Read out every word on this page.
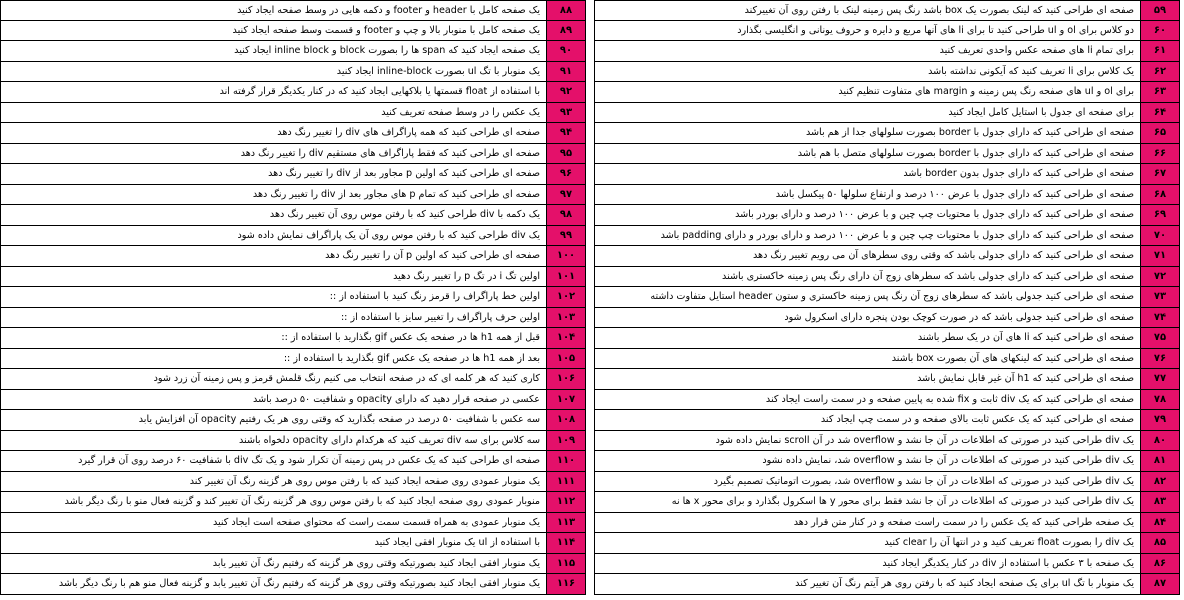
صفحه ای طراحی کنید که لینک بصورت یک box باشد رنگ پس زمینه لینک با رفتن روی آن تغییرکند	۵۹
دو کلاس برای ol و ul طراحی کنید تا برای li های آنها مربع و دایره و حروف یونانی و انگلیسی بگذارد	۶۰
برای تمام li های صفحه عکس واحدی تعریف کنید	۶۱
یک کلاس برای li تعریف کنید که آیکونی نداشته باشد	۶۲
برای ol و ul های صفحه رنگ پس زمینه و margin های متفاوت تنظیم کنید	۶۳
برای صفحه ای جدول با استایل کامل ایجاد کنید	۶۴
صفحه ای طراحی کنید که دارای جدول با border بصورت سلولهای جدا از هم باشد	۶۵
صفحه ای طراحی کنید که دارای جدول با border بصورت سلولهای متصل با هم باشد	۶۶
صفحه ای طراحی کنید که دارای جدول بدون border باشد	۶۷
صفحه ای طراحی کنید که دارای جدول با عرض ۱۰۰ درصد و ارتفاع سلولها ۵۰ پیکسل باشد	۶۸
صفحه ای طراحی کنید که دارای جدول با محتویات چپ چین و با عرض ۱۰۰ درصد و دارای بوردر باشد	۶۹
صفحه ای طراحی کنید که دارای جدول با محتویات چپ چین و با عرض ۱۰۰ درصد و دارای بوردر و دارای padding باشد	۷۰
صفحه ای طراحی کنید که دارای جدولی باشد که وقتی روی سطرهای آن می رویم تغییر رنگ دهد	۷۱
صفحه ای طراحی کنید که دارای جدولی باشد که سطرهای زوج آن دارای رنگ پس زمینه خاکستری باشند	۷۲
صفحه ای طراحی کنید جدولی باشد که سطرهای زوج آن رنگ پس زمینه خاکستری و ستون header استایل متفاوت داشته	۷۳
صفحه ای طراحی کنید جدولی باشد که در صورت کوچک بودن پنجره دارای اسکرول شود	۷۴
صفحه ای طراحی کنید که li های آن در یک سطر باشند	۷۵
صفحه ای طراحی کنید که لینکهای های آن بصورت box باشند	۷۶
صفحه ای طراحی کنید که h1 آن غیر قابل نمایش باشد	۷۷
صفحه ای طراحی کنید که یک div ثابت و fix شده به پایین صفحه و در سمت راست ایجاد کند	۷۸
صفحه ای طراحی کنید که یک عکس ثابت بالای صفحه و در سمت چپ ایجاد کند	۷۹
یک div طراحی کنید در صورتی که اطلاعات در آن جا نشد و overflow شد در آن scroll نمایش داده شود	۸۰
یک div طراحی کنید در صورتی که اطلاعات در آن جا نشد و overflow شد، نمایش داده نشود	۸۱
یک div طراحی کنید در صورتی که اطلاعات در آن جا نشد و overflow شد، بصورت اتوماتیک تصمیم بگیرد	۸۲
یک div طراحی کنید در صورتی که اطلاعات در آن جا نشد فقط برای محور y ها اسکرول بگذارد و برای محور x ها نه	۸۳
یک صفحه طراحی کنید که یک عکس را در سمت راست صفحه و در کنار متن قرار دهد	۸۴
یک div را بصورت float تعریف کنید و در انتها آن را clear کنید	۸۵
یک صفحه با ۳ عکس با استفاده از div در کنار یکدیگر ایجاد کنید	۸۶
یک منوبار با تگ ul برای یک صفحه ایجاد کنید که با رفتن روی هر آیتم رنگ آن تغییر کند	۸۷
یک صفحه کامل با header و footer و دکمه هایی در وسط صفحه ایجاد کنید	۸۸
یک صفحه کامل با منوبار بالا و چپ و footer و قسمت وسط صفحه ایجاد کنید	۸۹
یک صفحه ایجاد کنید که span ها را بصورت block و inline block ایجاد کنید	۹۰
یک منوبار با تگ ul بصورت inline-block ایجاد کنید	۹۱
با استفاده از float قسمتها یا بلاکهایی ایجاد کنید که در کنار یکدیگر قرار گرفته اند	۹۲
یک عکس را در وسط صفحه تعریف کنید	۹۳
صفحه ای طراحی کنید که همه پاراگراف های div را تغییر رنگ دهد	۹۴
صفحه ای طراحی کنید که فقط پاراگراف های مستقیم div را تغییر رنگ دهد	۹۵
صفحه ای طراحی کنید که اولین p مجاور بعد از div را تغییر رنگ دهد	۹۶
صفحه ای طراحی کنید که تمام p های مجاور بعد از div را تغییر رنگ دهد	۹۷
یک دکمه با div طراحی کنید که با رفتن موس روی آن تغییر رنگ دهد	۹۸
یک div طراحی کنید که با رفتن موس روی آن یک پاراگراف نمایش داده شود	۹۹
صفحه ای طراحی کنید که اولین p آن را تغییر رنگ دهد	۱۰۰
اولین تگ i در تگ p را تغییر رنگ دهید	۱۰۱
اولین خط پاراگراف را قرمز رنگ کنید با استفاده از ::	۱۰۲
اولین حرف پاراگراف را تغییر سایز با استفاده از ::	۱۰۳
قبل از همه h1 ها در صفحه یک عکس gif بگذارید با استفاده از ::	۱۰۴
بعد از همه h1 ها در صفحه یک عکس gif بگذارید با استفاده از ::	۱۰۵
کاری کنید که هر کلمه ای که در صفحه انتخاب می کنیم رنگ قلمش قرمز و پس زمینه آن زرد شود	۱۰۶
عکسی در صفحه قرار دهید که دارای opacity و شفافیت ۵۰ درصد باشد	۱۰۷
سه عکس با شفافیت ۵۰ درصد در صفحه بگذارید که وقتی روی هر یک رفتیم opacity آن افزایش یابد	۱۰۸
سه کلاس برای سه div تعریف کنید که هرکدام دارای opacity دلخواه باشند	۱۰۹
صفحه ای طراحی کنید که یک عکس در پس زمینه آن تکرار شود و یک تگ div با شفافیت ۶۰ درصد روی آن قرار گیرد	۱۱۰
یک منوبار عمودی روی صفحه ایجاد کنید که با رفتن موس روی هر گزینه رنگ آن تغییر کند	۱۱۱
منوبار عمودی روی صفحه ایجاد کنید که با رفتن موس روی هر گزینه رنگ آن تغییر کند و گزینه فعال منو با رنگ دیگر باشد	۱۱۲
یک منوبار عمودی به همراه قسمت سمت راست که محتوای صفحه است ایجاد کنید	۱۱۳
با استفاده از ul یک منوبار افقی ایجاد کنید	۱۱۴
یک منوبار افقی ایجاد کنید بصورتیکه وقتی روی هر گزینه که رفتیم رنگ آن تغییر یابد	۱۱۵
یک منوبار افقی ایجاد کنید بصورتیکه وقتی روی هر گزینه که رفتیم رنگ آن تغییر یابد و گزینه فعال منو هم با رنگ دیگر باشد	۱۱۶
